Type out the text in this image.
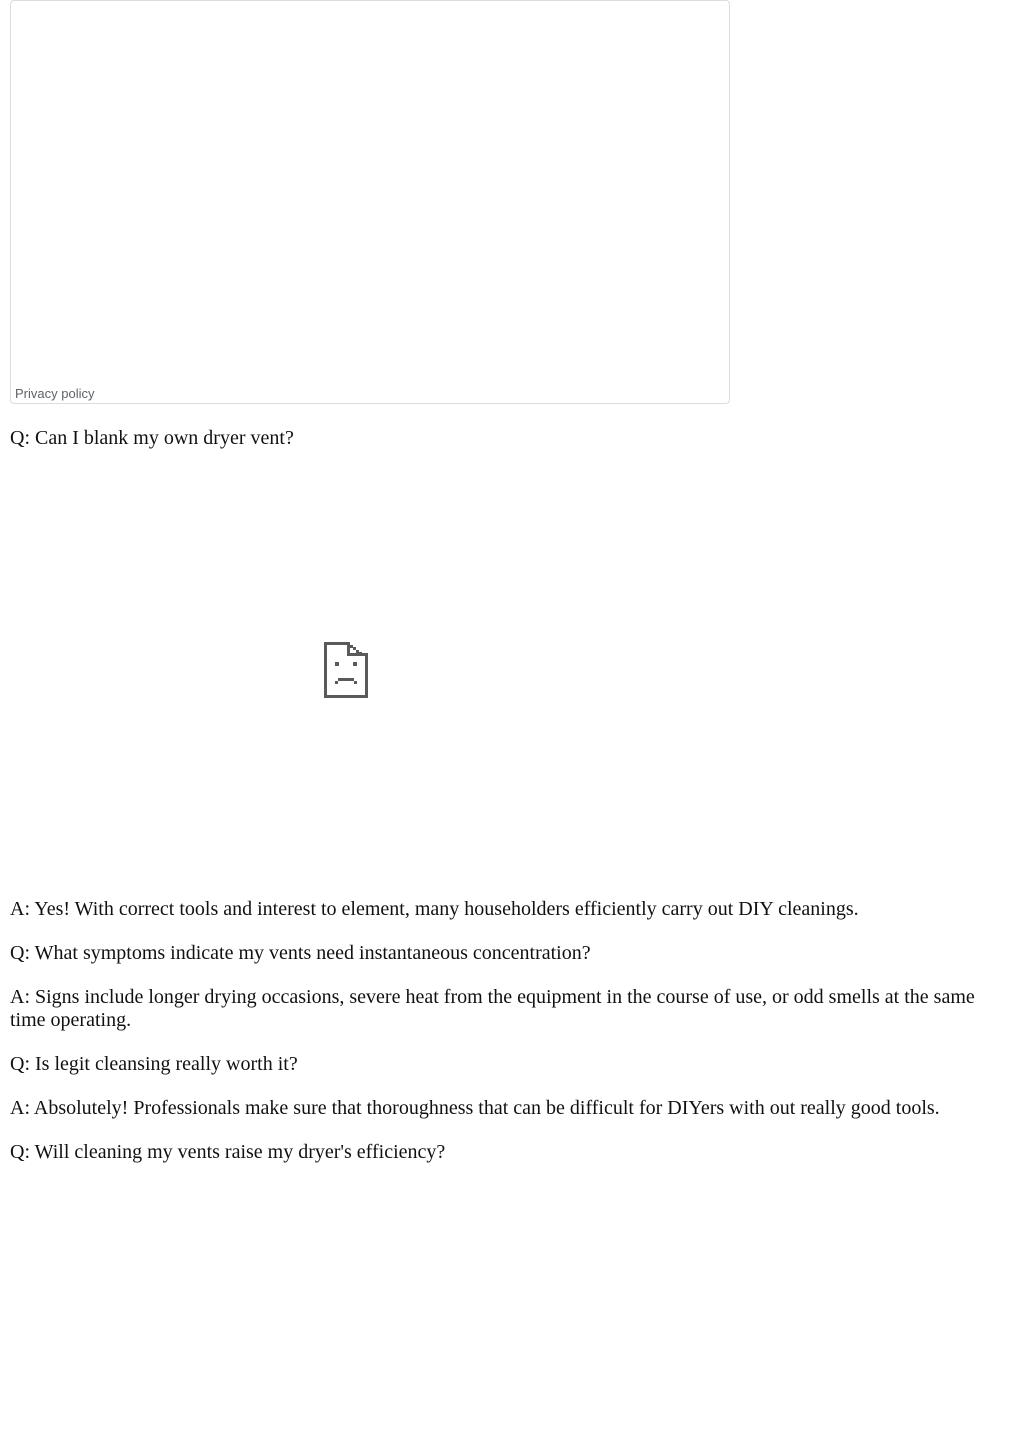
Privacy policy

Q: Can I blank my own dryer vent?

A: Yes! With correct tools and interest to element, many householders efficiently carry out DIY cleanings.

Q: What symptoms indicate my vents need instantaneous concentration?

A: Signs include longer drying occasions, severe heat from the equipment in the course of use, or odd smells at the same time operating.

Q: Is legit cleansing really worth it?

A: Absolutely! Professionals make sure that thoroughness that can be difficult for DIYers with out really good tools.

Q: Will cleaning my vents raise my dryer's efficiency?
